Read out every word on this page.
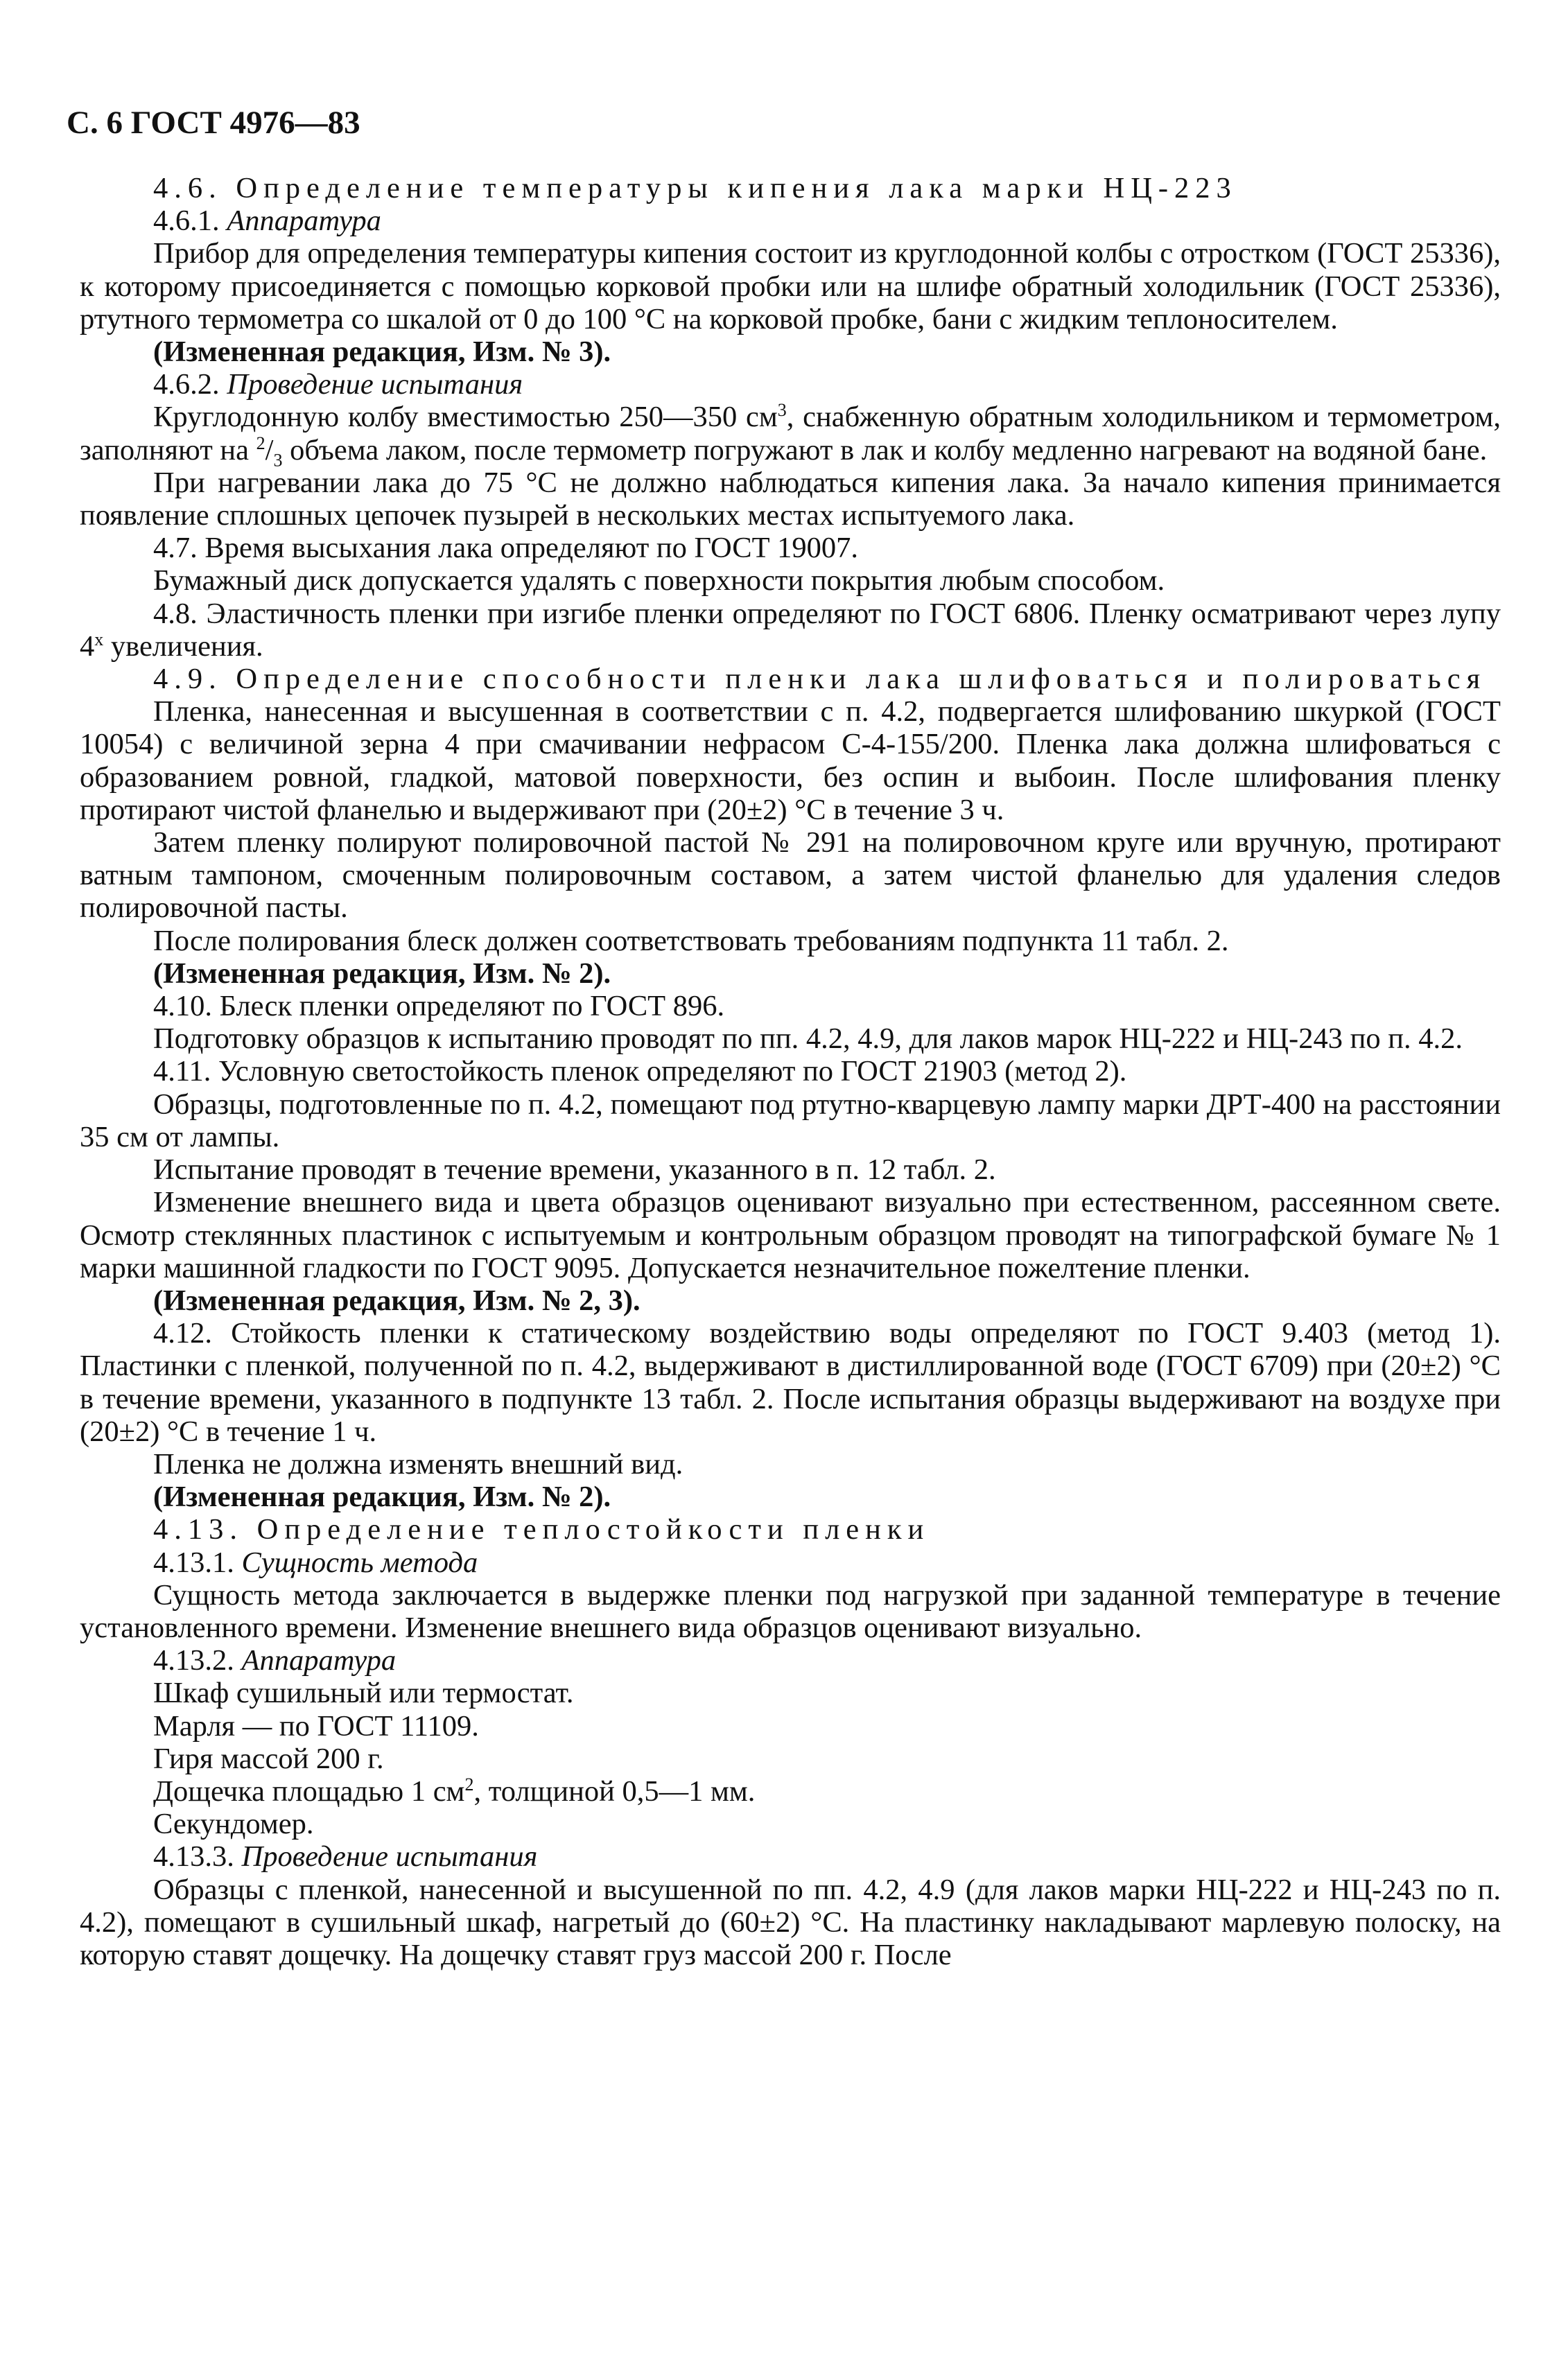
С. 6 ГОСТ 4976—83

4.6. Определение температуры кипения лака марки НЦ-223

4.6.1. Аппаратура

Прибор для определения температуры кипения состоит из круглодонной колбы с отростком (ГОСТ 25336), к которому присоединяется с помощью корковой пробки или на шлифе обратный холодильник (ГОСТ 25336), ртутного термометра со шкалой от 0 до 100 °С на корковой пробке, бани с жидким теплоносителем.

(Измененная редакция, Изм. № 3).

4.6.2. Проведение испытания

Круглодонную колбу вместимостью 250—350 $см^3$, снабженную обратным холодильником и термометром, заполняют на $^2/_3$ объема лаком, после термометр погружают в лак и колбу медленно нагревают на водяной бане.

При нагревании лака до 75 °С не должно наблюдаться кипения лака. За начало кипения принимается появление сплошных цепочек пузырей в нескольких местах испытуемого лака.

4.7. Время высыхания лака определяют по ГОСТ 19007.

Бумажный диск допускается удалять с поверхности покрытия любым способом.

4.8. Эластичность пленки при изгибе пленки определяют по ГОСТ 6806. Пленку осматривают через лупу $4^х$ увеличения.

4.9. Определение способности пленки лака шлифоваться и полироваться

Пленка, нанесенная и высушенная в соответствии с п. 4.2, подвергается шлифованию шкуркой (ГОСТ 10054) с величиной зерна 4 при смачивании нефрасом С-4-155/200. Пленка лака должна шлифоваться с образованием ровной, гладкой, матовой поверхности, без оспин и выбоин. После шлифования пленку протирают чистой фланелью и выдерживают при (20±2) °С в течение 3 ч.

Затем пленку полируют полировочной пастой № 291 на полировочном круге или вручную, протирают ватным тампоном, смоченным полировочным составом, а затем чистой фланелью для удаления следов полировочной пасты.

После полирования блеск должен соответствовать требованиям подпункта 11 табл. 2.

(Измененная редакция, Изм. № 2).

4.10. Блеск пленки определяют по ГОСТ 896.

Подготовку образцов к испытанию проводят по пп. 4.2, 4.9, для лаков марок НЦ-222 и НЦ-243 по п. 4.2.

4.11. Условную светостойкость пленок определяют по ГОСТ 21903 (метод 2).

Образцы, подготовленные по п. 4.2, помещают под ртутно-кварцевую лампу марки ДРТ-400 на расстоянии 35 см от лампы.

Испытание проводят в течение времени, указанного в п. 12 табл. 2.

Изменение внешнего вида и цвета образцов оценивают визуально при естественном, рассеянном свете. Осмотр стеклянных пластинок с испытуемым и контрольным образцом проводят на типографской бумаге № 1 марки машинной гладкости по ГОСТ 9095. Допускается незначительное пожелтение пленки.

(Измененная редакция, Изм. № 2, 3).

4.12. Стойкость пленки к статическому воздействию воды определяют по ГОСТ 9.403 (метод 1). Пластинки с пленкой, полученной по п. 4.2, выдерживают в дистиллированной воде (ГОСТ 6709) при (20±2) °С в течение времени, указанного в подпункте 13 табл. 2. После испытания образцы выдерживают на воздухе при (20±2) °С в течение 1 ч.

Пленка не должна изменять внешний вид.

(Измененная редакция, Изм. № 2).

4.13. Определение теплостойкости пленки

4.13.1. Сущность метода

Сущность метода заключается в выдержке пленки под нагрузкой при заданной температуре в течение установленного времени. Изменение внешнего вида образцов оценивают визуально.

4.13.2. Аппаратура

Шкаф сушильный или термостат.

Марля — по ГОСТ 11109.

Гиря массой 200 г.

Дощечка площадью 1 $см^2$, толщиной 0,5—1 мм.

Секундомер.

4.13.3. Проведение испытания

Образцы с пленкой, нанесенной и высушенной по пп. 4.2, 4.9 (для лаков марки НЦ-222 и НЦ-243 по п. 4.2), помещают в сушильный шкаф, нагретый до (60±2) °С. На пластинку накладывают марлевую полоску, на которую ставят дощечку. На дощечку ставят груз массой 200 г. После
